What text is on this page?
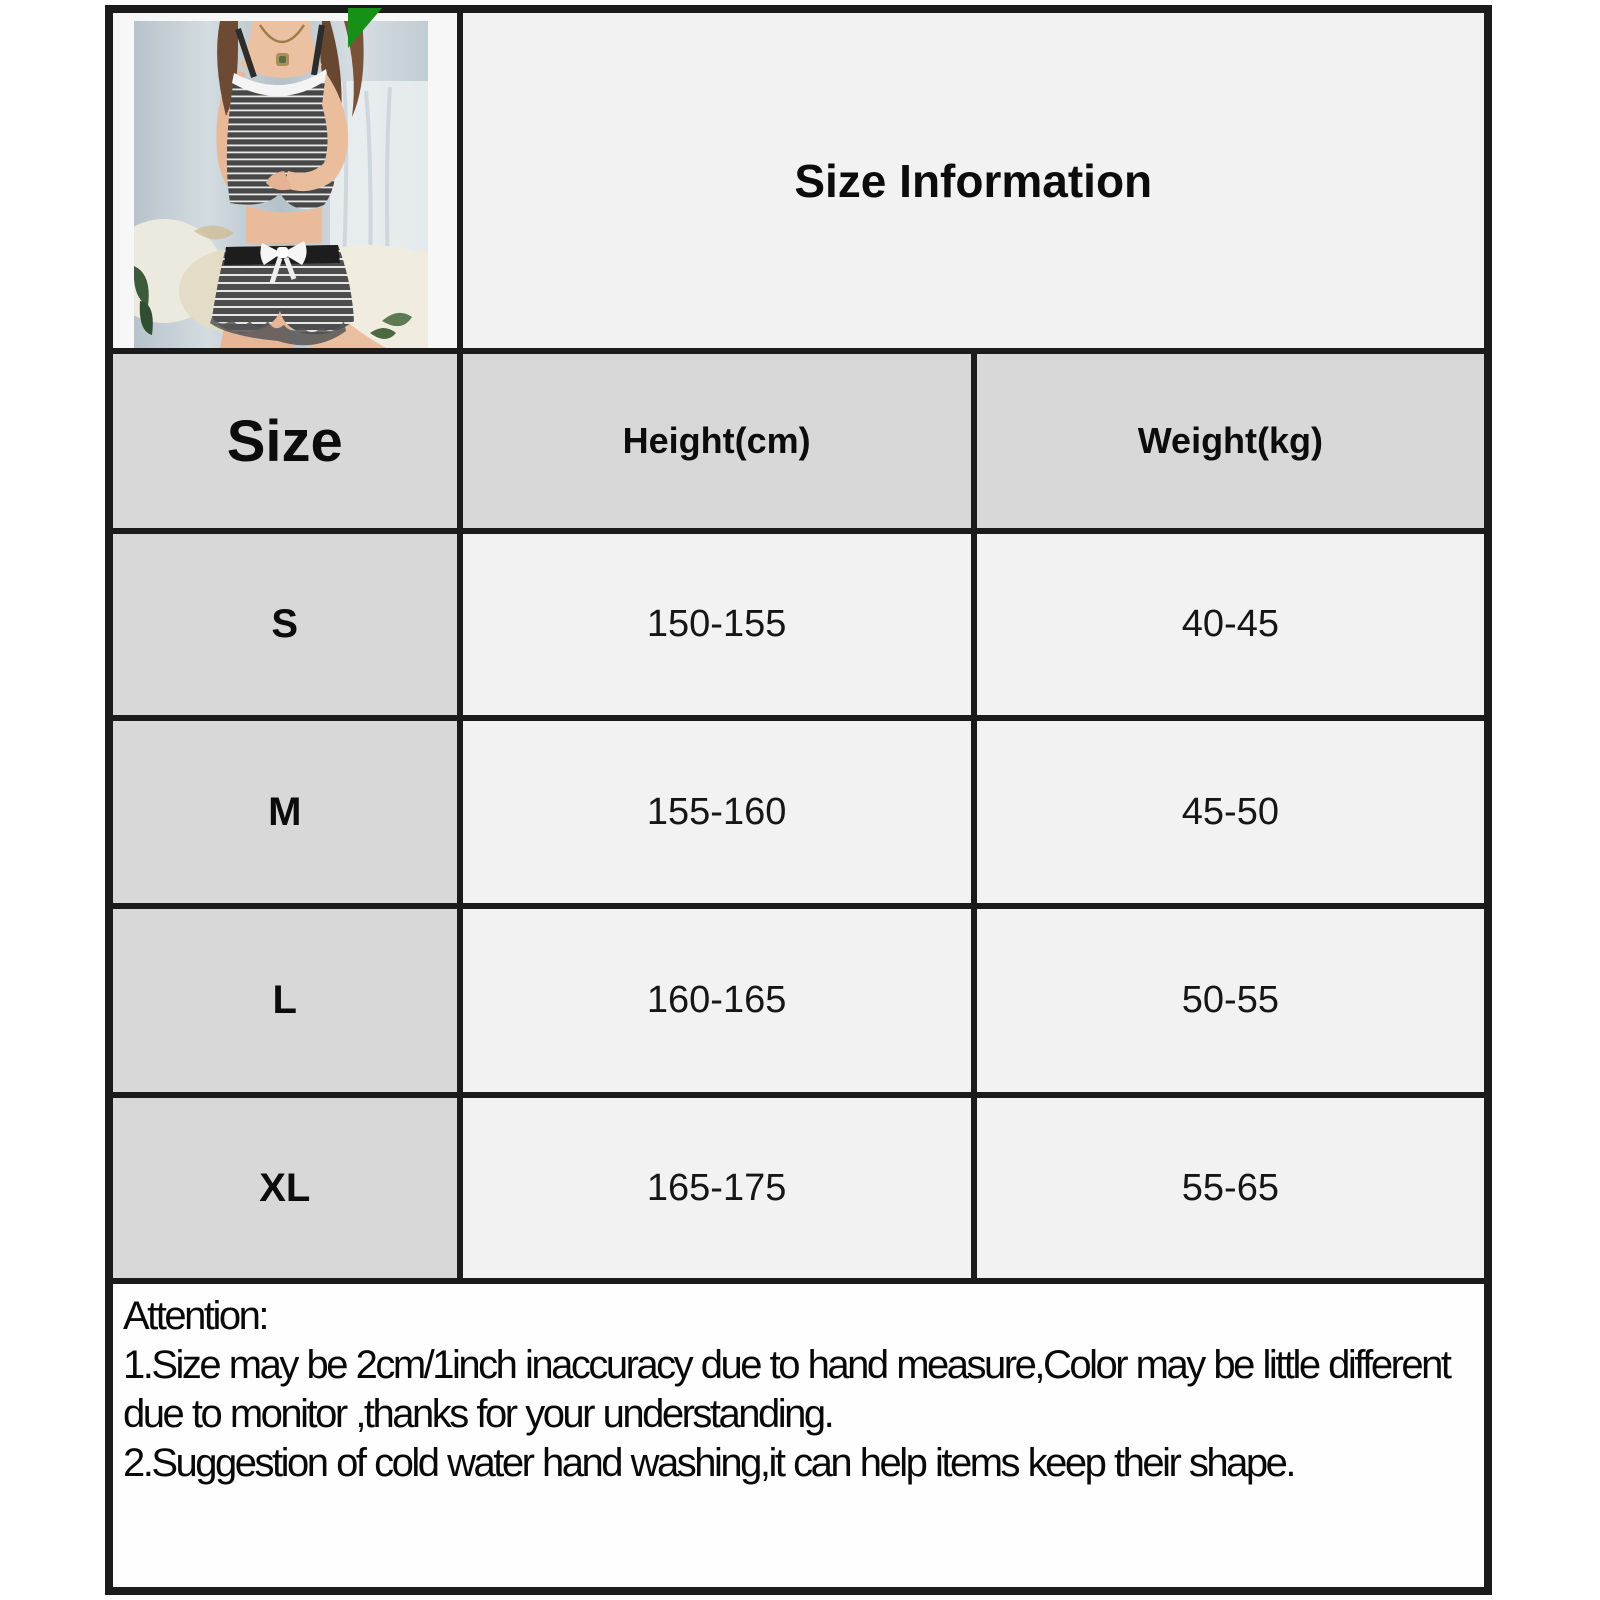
	Size Information	
Size	Height(cm)	Weight(kg)
S	150-155	40-45
M	155-160	45-50
L	160-165	50-55
XL	165-175	55-65

Attention:
1.Size may be 2cm/1inch inaccuracy due to hand measure,Color may be little different due to monitor ,thanks for your understanding.
2.Suggestion of cold water hand washing,it can help items keep their shape.		
